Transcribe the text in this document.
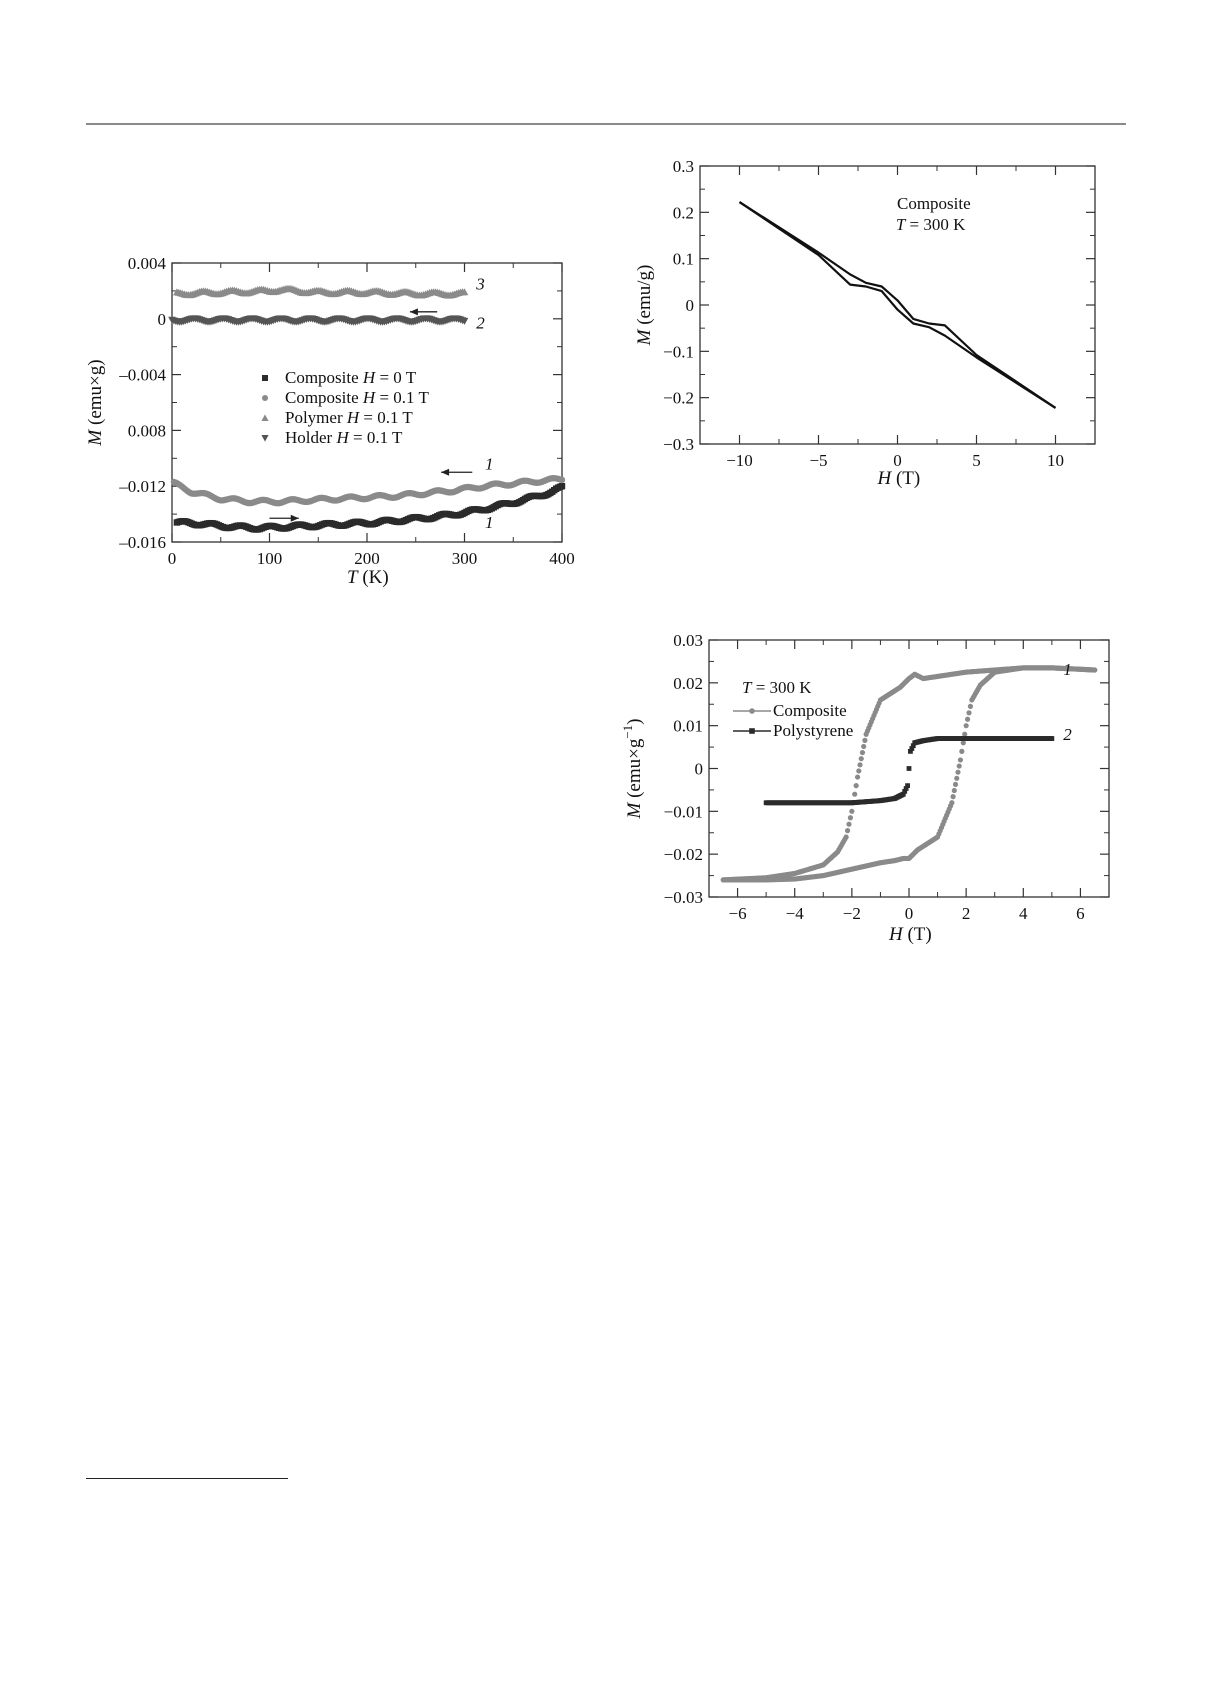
0	100	200	300	400
0.004
0
–0.004
0.008
–0.012
–0.016
T (K)
M (emu×g)
3
2
1
1
Composite H = 0 T
Composite H = 0.1 T
Polymer H = 0.1 T
Holder H = 0.1 T
−10	−5	0	5	10
0.3
0.2
0.1
0
−0.1
−0.2
−0.3
H (T)
M (emu/g)
Composite
T = 300 K
−6 −4 −2	0	2	4	6
0.03
0.02
0.01
0
−0.01
−0.02
−0.03
H (T)
M $(emu\times g^{-1})$
1
2
T = 300 K
Composite
Polystyrene
